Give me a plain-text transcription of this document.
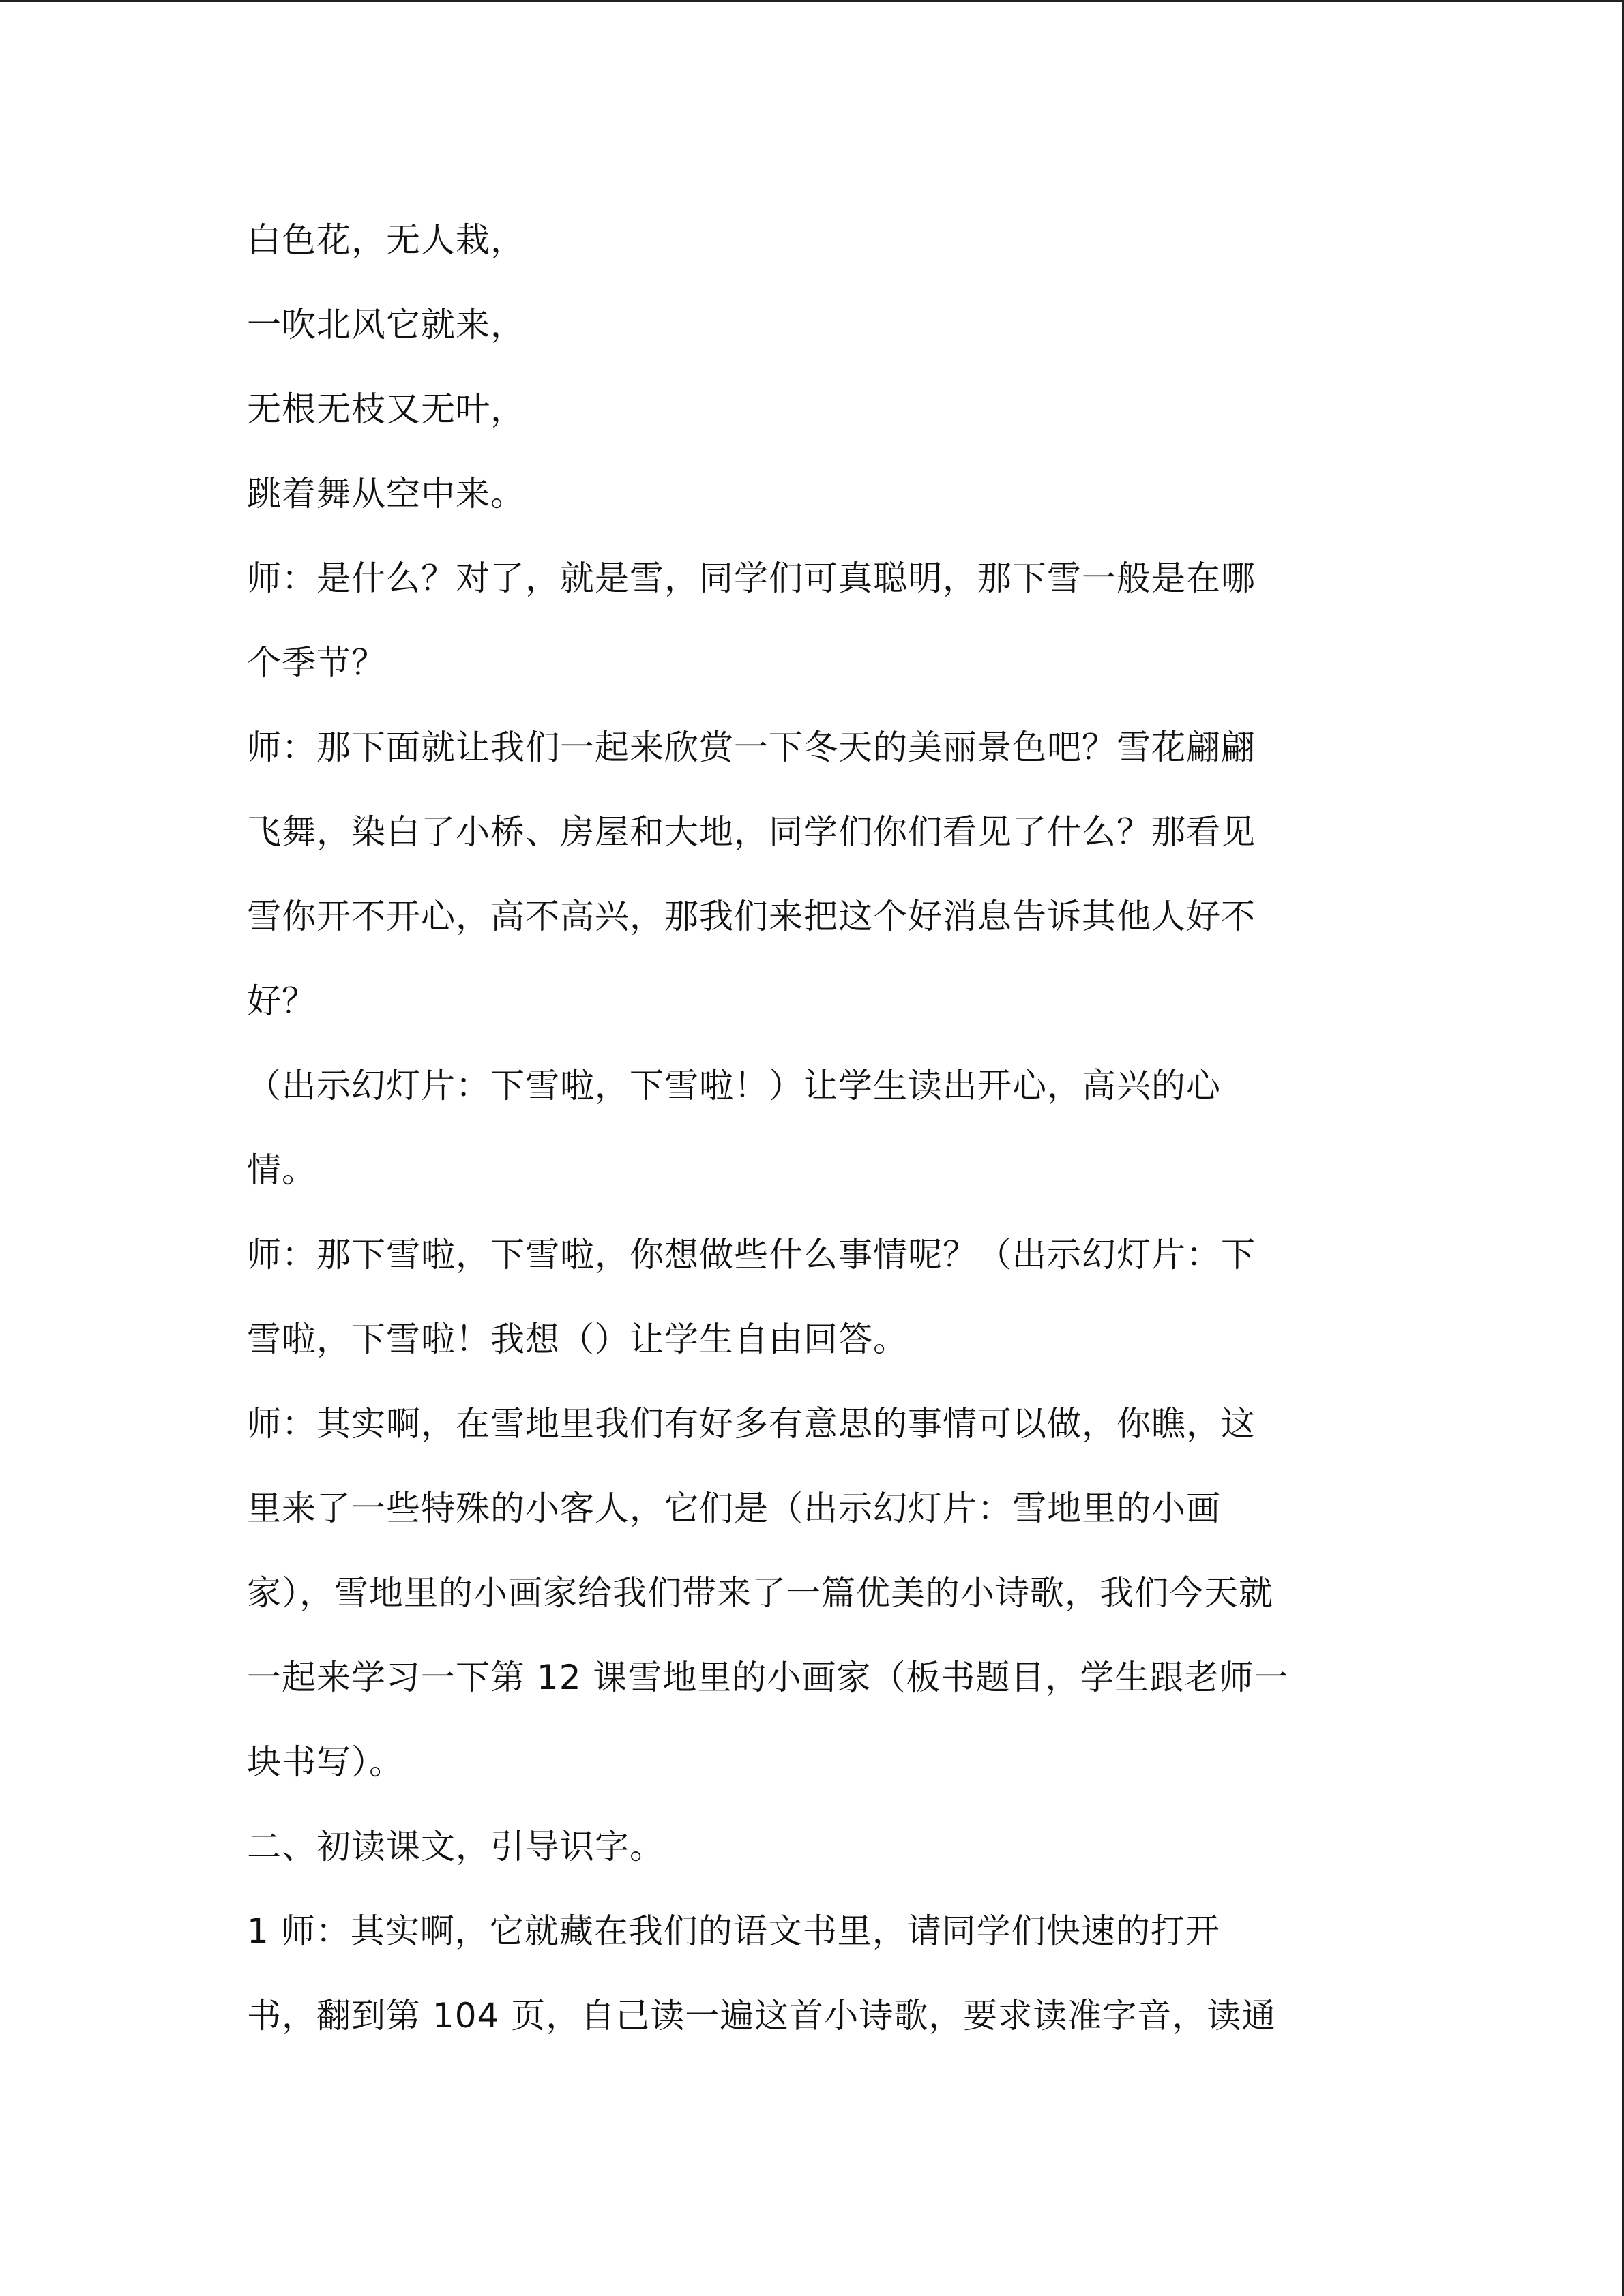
白色花，无人栽，
一吹北风它就来，
无根无枝又无叶，
跳着舞从空中来。
师：是什么？对了，就是雪，同学们可真聪明，那下雪一般是在哪
个季节？
师：那下面就让我们一起来欣赏一下冬天的美丽景色吧？雪花翩翩
飞舞，染白了小桥、房屋和大地，同学们你们看见了什么？那看见
雪你开不开心，高不高兴，那我们来把这个好消息告诉其他人好不
好？
（出示幻灯片：下雪啦，下雪啦！）让学生读出开心，高兴的心
情。
师：那下雪啦，下雪啦，你想做些什么事情呢？（出示幻灯片：下
雪啦，下雪啦！我想（）让学生自由回答。
师：其实啊，在雪地里我们有好多有意思的事情可以做，你瞧，这
里来了一些特殊的小客人，它们是（出示幻灯片：雪地里的小画
家），雪地里的小画家给我们带来了一篇优美的小诗歌，我们今天就
一起来学习一下第 12 课雪地里的小画家（板书题目，学生跟老师一
块书写）。
二、初读课文，引导识字。
1 师：其实啊，它就藏在我们的语文书里，请同学们快速的打开
书，翻到第 104 页，自己读一遍这首小诗歌，要求读准字音，读通
